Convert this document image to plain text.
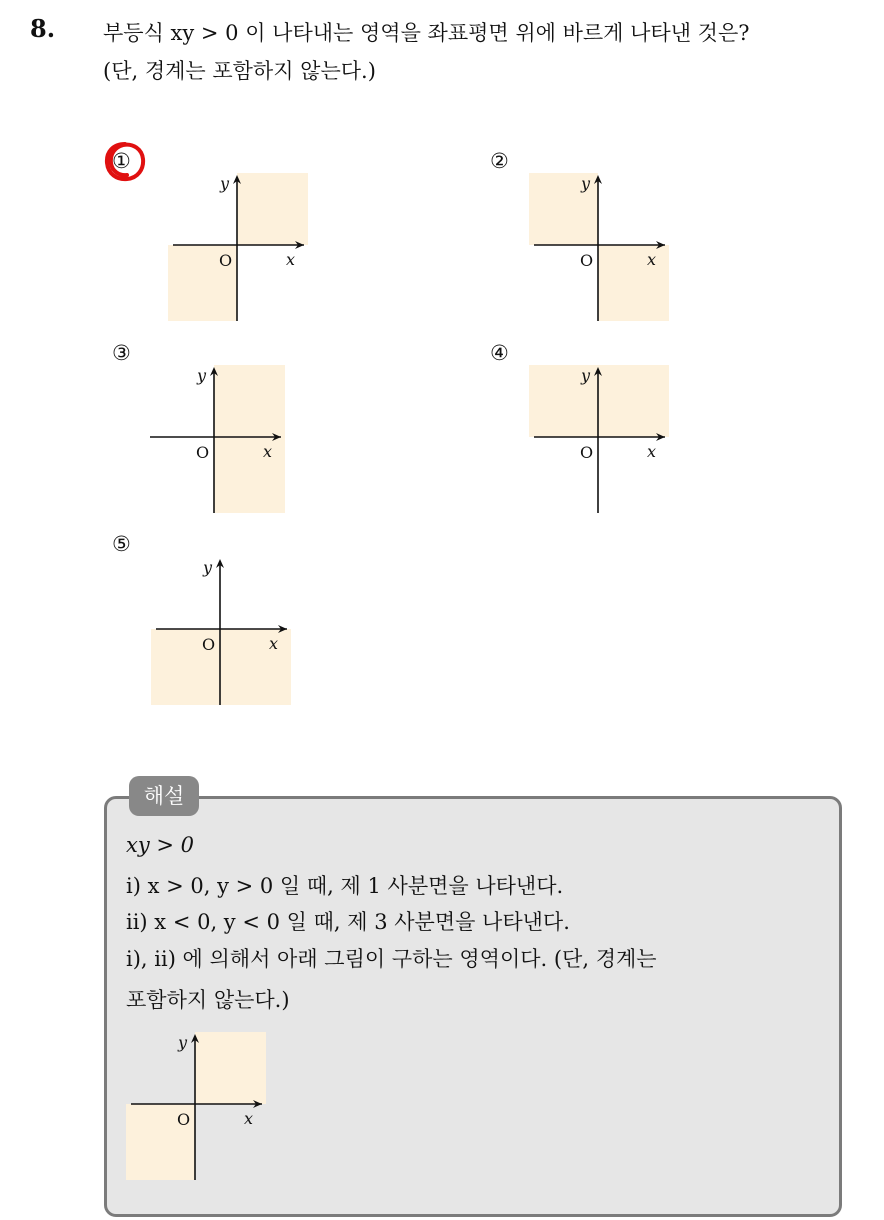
8. 부등식 xy > 0 이 나타내는 영역을 좌표평면 위에 바르게 나타낸 것은?
(단, 경계는 포함하지 않는다.)
①	②
③	④
⑤
y
x
O
y
x
O
y
x
O
y
x
O
y
x
O
해설
xy > 0
ⅰ) x > 0, y > 0 일 때, 제 1 사분면을 나타낸다.
ⅱ) x < 0, y < 0 일 때, 제 3 사분면을 나타낸다.
ⅰ), ⅱ) 에 의해서 아래 그림이 구하는 영역이다. (단, 경계는
포함하지 않는다.)
y
x
O
